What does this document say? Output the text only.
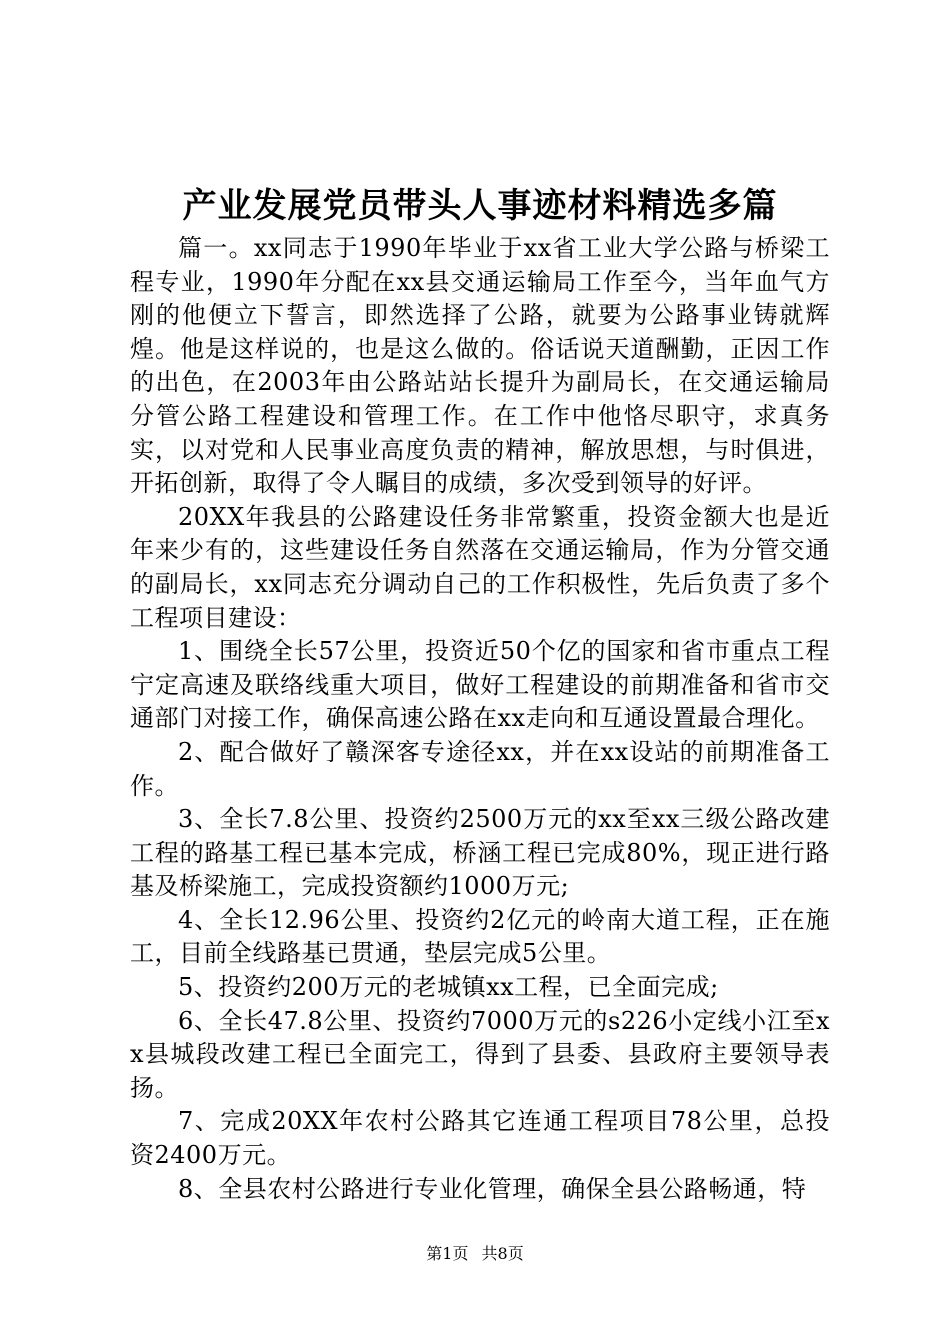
产业发展党员带头人事迹材料精选多篇

篇一。xx同志于1990年毕业于xx省工业大学公路与桥梁工程专业，1990年分配在xx县交通运输局工作至今，当年血气方刚的他便立下誓言，即然选择了公路，就要为公路事业铸就辉煌。他是这样说的，也是这么做的。俗话说天道酬勤，正因工作的出色，在2003年由公路站站长提升为副局长，在交通运输局分管公路工程建设和管理工作。在工作中他恪尽职守，求真务实，以对党和人民事业高度负责的精神，解放思想，与时俱进，开拓创新，取得了令人瞩目的成绩，多次受到领导的好评。

20XX年我县的公路建设任务非常繁重，投资金额大也是近年来少有的，这些建设任务自然落在交通运输局，作为分管交通的副局长，xx同志充分调动自己的工作积极性，先后负责了多个工程项目建设：

1、围绕全长57公里，投资近50个亿的国家和省市重点工程宁定高速及联络线重大项目，做好工程建设的前期准备和省市交通部门对接工作，确保高速公路在xx走向和互通设置最合理化。

2、配合做好了赣深客专途径xx，并在xx设站的前期准备工作。

3、全长7.8公里、投资约2500万元的xx至xx三级公路改建工程的路基工程已基本完成，桥涵工程已完成80%，现正进行路基及桥梁施工，完成投资额约1000万元;

4、全长12.96公里、投资约2亿元的岭南大道工程，正在施工，目前全线路基已贯通，垫层完成5公里。

5、投资约200万元的老城镇xx工程，已全面完成;

6、全长47.8公里、投资约7000万元的s226小定线小江至xx县城段改建工程已全面完工，得到了县委、县政府主要领导表扬。

7、完成20XX年农村公路其它连通工程项目78公里，总投资2400万元。

8、全县农村公路进行专业化管理，确保全县公路畅通，特

第1页 共8页
